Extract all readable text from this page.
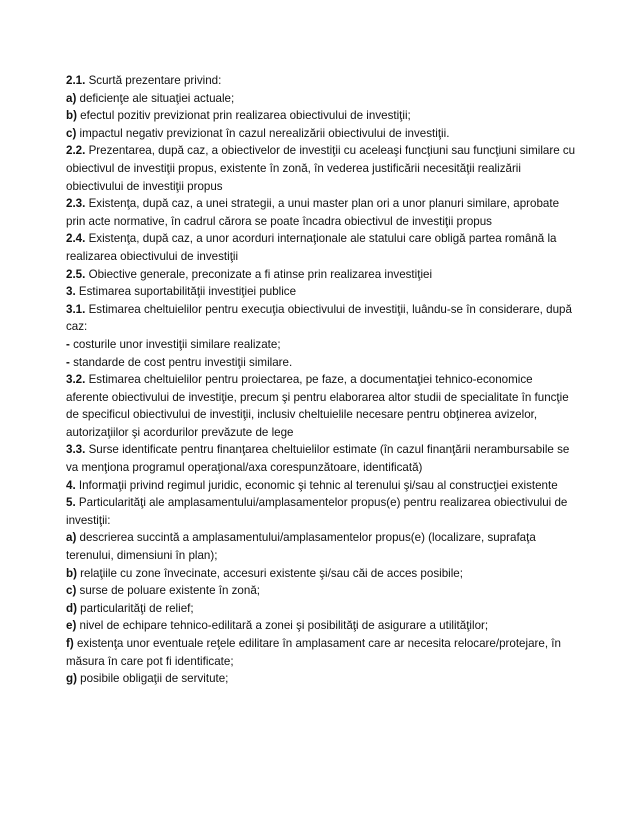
2.1. Scurtă prezentare privind:

a) deficienţe ale situaţiei actuale;

b) efectul pozitiv previzionat prin realizarea obiectivului de investiţii;

c) impactul negativ previzionat în cazul nerealizării obiectivului de investiţii.

2.2. Prezentarea, după caz, a obiectivelor de investiţii cu aceleaşi funcţiuni sau funcţiuni similare cu obiectivul de investiţii propus, existente în zonă, în vederea justificării necesităţii realizării obiectivului de investiţii propus

2.3. Existenţa, după caz, a unei strategii, a unui master plan ori a unor planuri similare, aprobate prin acte normative, în cadrul cărora se poate încadra obiectivul de investiţii propus

2.4. Existenţa, după caz, a unor acorduri internaţionale ale statului care obligă partea română la realizarea obiectivului de investiţii

2.5. Obiective generale, preconizate a fi atinse prin realizarea investiţiei

3. Estimarea suportabilităţii investiţiei publice

3.1. Estimarea cheltuielilor pentru execuţia obiectivului de investiţii, luându-se în considerare, după caz:

- costurile unor investiţii similare realizate;

- standarde de cost pentru investiţii similare.

3.2. Estimarea cheltuielilor pentru proiectarea, pe faze, a documentaţiei tehnico-economice aferente obiectivului de investiţie, precum şi pentru elaborarea altor studii de specialitate în funcţie de specificul obiectivului de investiţii, inclusiv cheltuielile necesare pentru obţinerea avizelor, autorizaţiilor şi acordurilor prevăzute de lege

3.3. Surse identificate pentru finanţarea cheltuielilor estimate (în cazul finanţării nerambursabile se va menţiona programul operaţional/axa corespunzătoare, identificată)

4. Informaţii privind regimul juridic, economic şi tehnic al terenului şi/sau al construcţiei existente

5. Particularităţi ale amplasamentului/amplasamentelor propus(e) pentru realizarea obiectivului de investiţii:

a) descrierea succintă a amplasamentului/amplasamentelor propus(e) (localizare, suprafaţa terenului, dimensiuni în plan);

b) relaţiile cu zone învecinate, accesuri existente şi/sau căi de acces posibile;

c) surse de poluare existente în zonă;

d) particularităţi de relief;

e) nivel de echipare tehnico-edilitară a zonei şi posibilităţi de asigurare a utilităţilor;

f) existenţa unor eventuale reţele edilitare în amplasament care ar necesita relocare/protejare, în măsura în care pot fi identificate;

g) posibile obligaţii de servitute;
